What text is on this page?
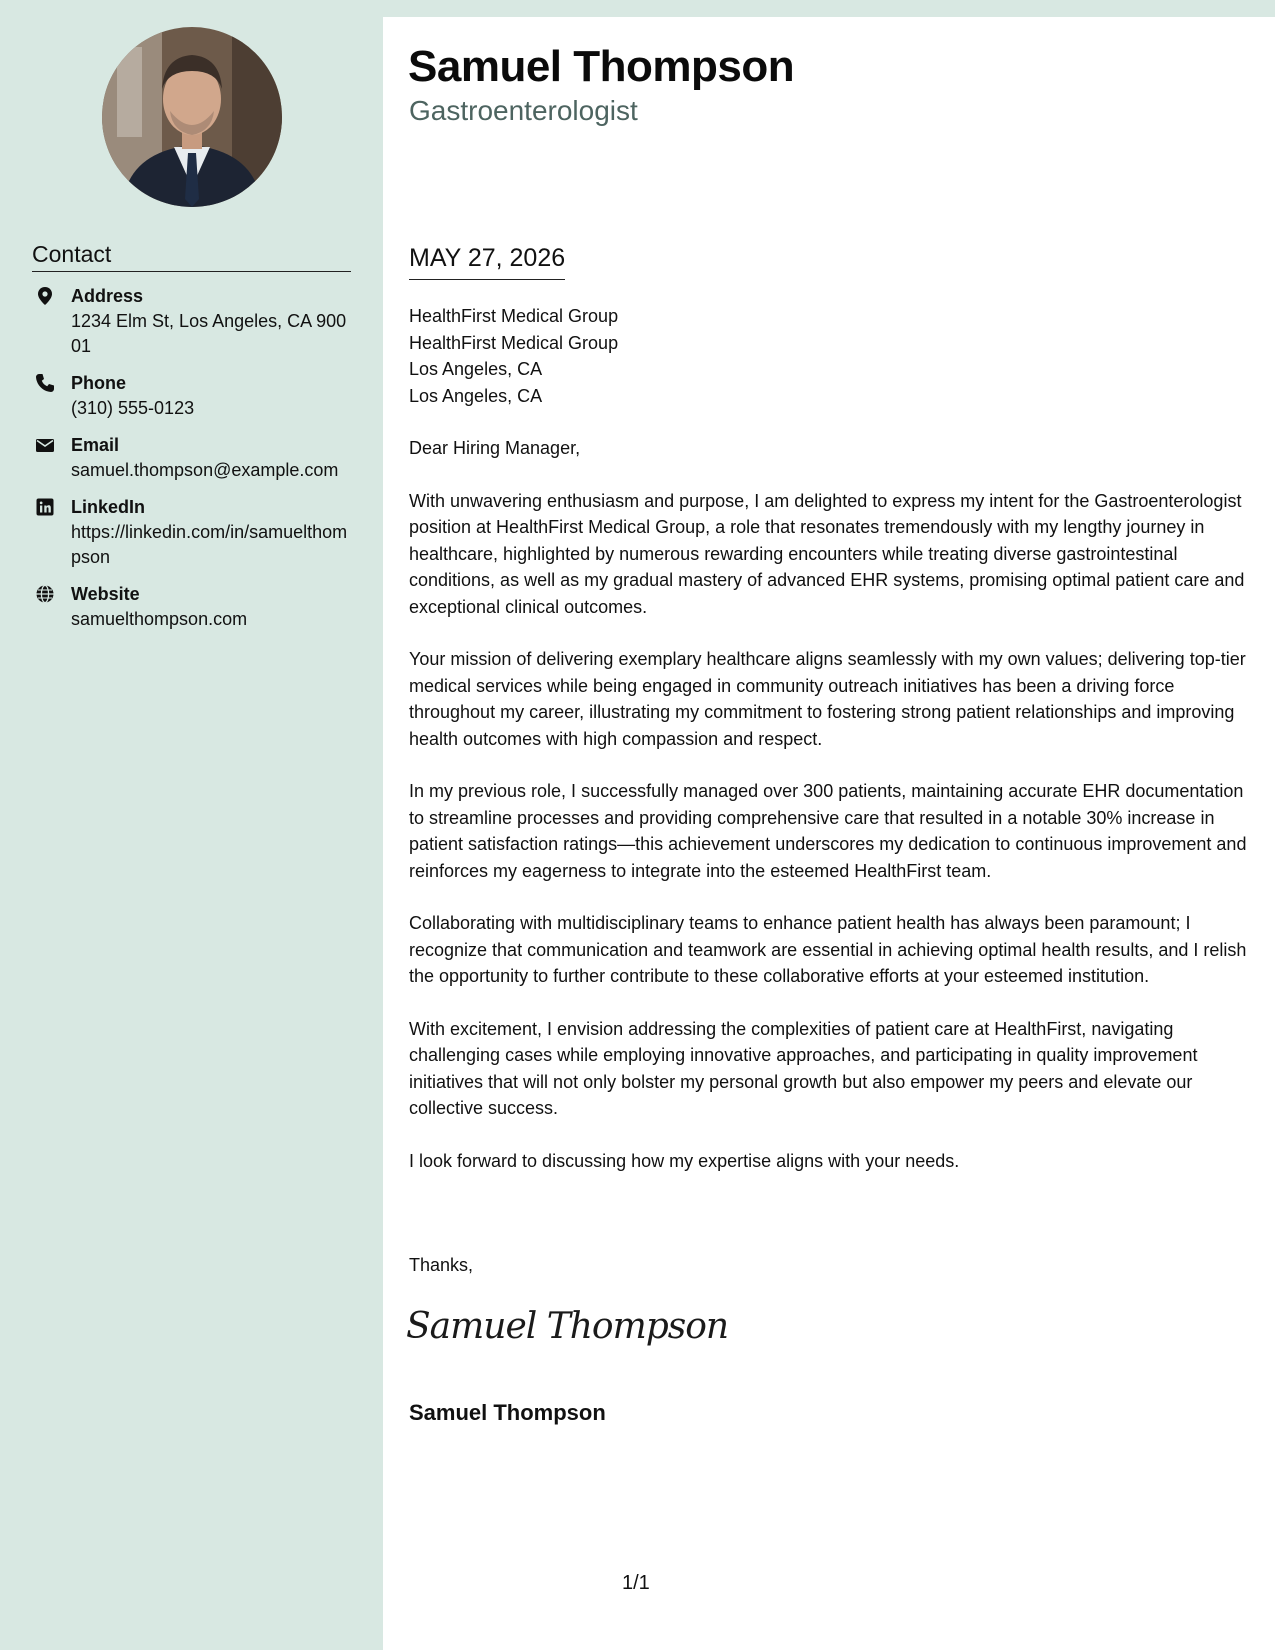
Contact
Address
1234 Elm St, Los Angeles, CA 90001
Phone
(310) 555-0123
Email
samuel.thompson@example.com
LinkedIn
https://linkedin.com/in/samuelthompson
Website
samuelthompson.com
Samuel Thompson
Gastroenterologist
MAY 27, 2026
HealthFirst Medical Group
HealthFirst Medical Group
Los Angeles, CA
Los Angeles, CA

Dear Hiring Manager,

With unwavering enthusiasm and purpose, I am delighted to express my intent for the Gastroenterologist position at HealthFirst Medical Group, a role that resonates tremendously with my lengthy journey in healthcare, highlighted by numerous rewarding encounters while treating diverse gastrointestinal conditions, as well as my gradual mastery of advanced EHR systems, promising optimal patient care and exceptional clinical outcomes.

Your mission of delivering exemplary healthcare aligns seamlessly with my own values; delivering top-tier medical services while being engaged in community outreach initiatives has been a driving force throughout my career, illustrating my commitment to fostering strong patient relationships and improving health outcomes with high compassion and respect.

In my previous role, I successfully managed over 300 patients, maintaining accurate EHR documentation to streamline processes and providing comprehensive care that resulted in a notable 30% increase in patient satisfaction ratings—this achievement underscores my dedication to continuous improvement and reinforces my eagerness to integrate into the esteemed HealthFirst team.

Collaborating with multidisciplinary teams to enhance patient health has always been paramount; I recognize that communication and teamwork are essential in achieving optimal health results, and I relish the opportunity to further contribute to these collaborative efforts at your esteemed institution.

With excitement, I envision addressing the complexities of patient care at HealthFirst, navigating challenging cases while employing innovative approaches, and participating in quality improvement initiatives that will not only bolster my personal growth but also empower my peers and elevate our collective success.

I look forward to discussing how my expertise aligns with your needs.

Thanks,
Samuel Thompson
Samuel Thompson
1/1
